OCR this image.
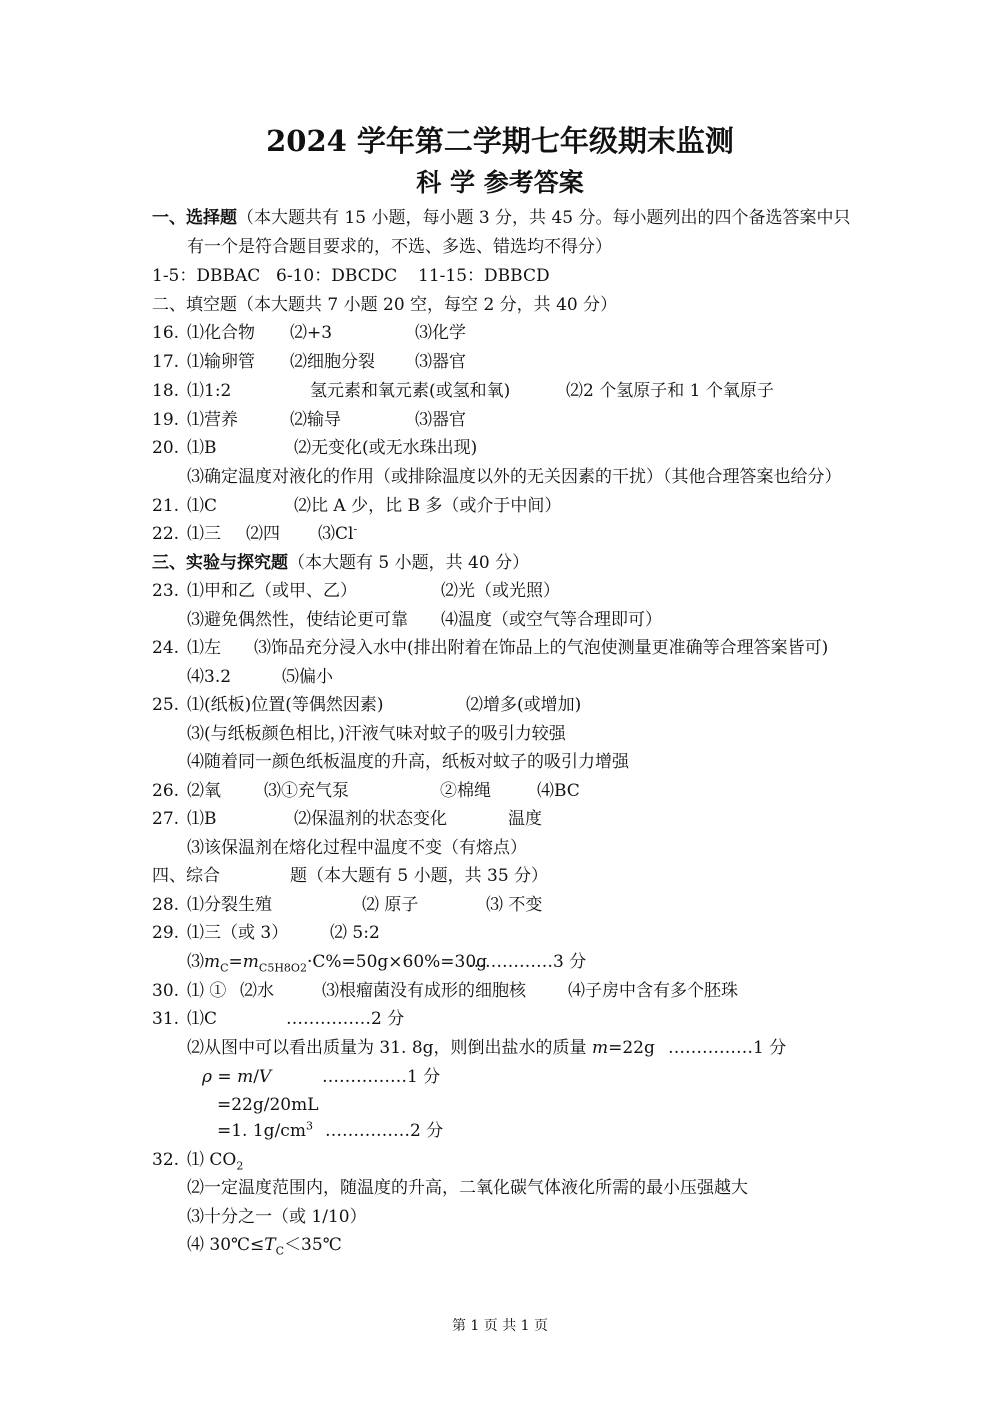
2024 学年第二学期七年级期末监测
科 学 参考答案
一、选择题（本大题共有 15 小题，每小题 3 分，共 45 分。每小题列出的四个备选答案中只
有一个是符合题目要求的，不选、多选、错选均不得分）
1-5：DBBAC 6-10：DBCDC 11-15：DBBCD
二、填空题（本大题共 7 小题 20 空，每空 2 分，共 40 分）
16. ⑴化合物 ⑵+3	⑶化学
17. ⑴输卵管 ⑵细胞分裂 ⑶器官
18. ⑴1:2	氢元素和氧元素(或氢和氧)	⑵2 个氢原子和 1 个氧原子
19. ⑴营养	⑵输导	⑶器官
20. ⑴B	⑵无变化(或无水珠出现)
⑶确定温度对液化的作用（或排除温度以外的无关因素的干扰）（其他合理答案也给分）
21. ⑴C	⑵比 A 少，比 B 多（或介于中间）
22. ⑴三 ⑵四 ⑶Cl-
三、实验与探究题（本大题有 5 小题，共 40 分）
23. ⑴甲和乙（或甲、乙）	⑵光（或光照）
⑶避免偶然性，使结论更可靠 ⑷温度（或空气等合理即可）
24. ⑴左 ⑶饰品充分浸入水中(排出附着在饰品上的气泡使测量更准确等合理答案皆可)
⑷3.2	⑸偏小
25. ⑴(纸板)位置(等偶然因素)	⑵增多(或增加)
⑶(与纸板颜色相比，)汗液气味对蚊子的吸引力较强
⑷随着同一颜色纸板温度的升高，纸板对蚊子的吸引力增强
26. ⑵氧	⑶①充气泵	②棉绳	⑷BC
27. ⑴B	⑵保温剂的状态变化	温度
⑶该保温剂在熔化过程中温度不变（有熔点）
四、综合	题（本大题有 5 小题，共 35 分）
28. ⑴分裂生殖	⑵ 原子	⑶ 不变
29. ⑴三（或 3） ⑵ 5:2
$⑶m_C=m_{C5H8O2}\cdot C\%=50g\times 60\%=30g$
……………3 分
30. ⑴ ① ⑵水	⑶根瘤菌没有成形的细胞核 ⑷子房中含有多个胚珠
31. ⑴C	……………2 分
⑵从图中可以看出质量为 31. 8g，则倒出盐水的质量 m=22g ……………1 分
ρ = m/V	……………1 分
=22g/20mL
=1. $1g/cm^3$ ……………2 分
32. ⑴ $CO_2$
⑵一定温度范围内，随温度的升高，二氧化碳气体液化所需的最小压强越大
⑶十分之一（或 1/10）
⑷ $30℃\le T_C<35℃$
第 1 页 共 1 页
